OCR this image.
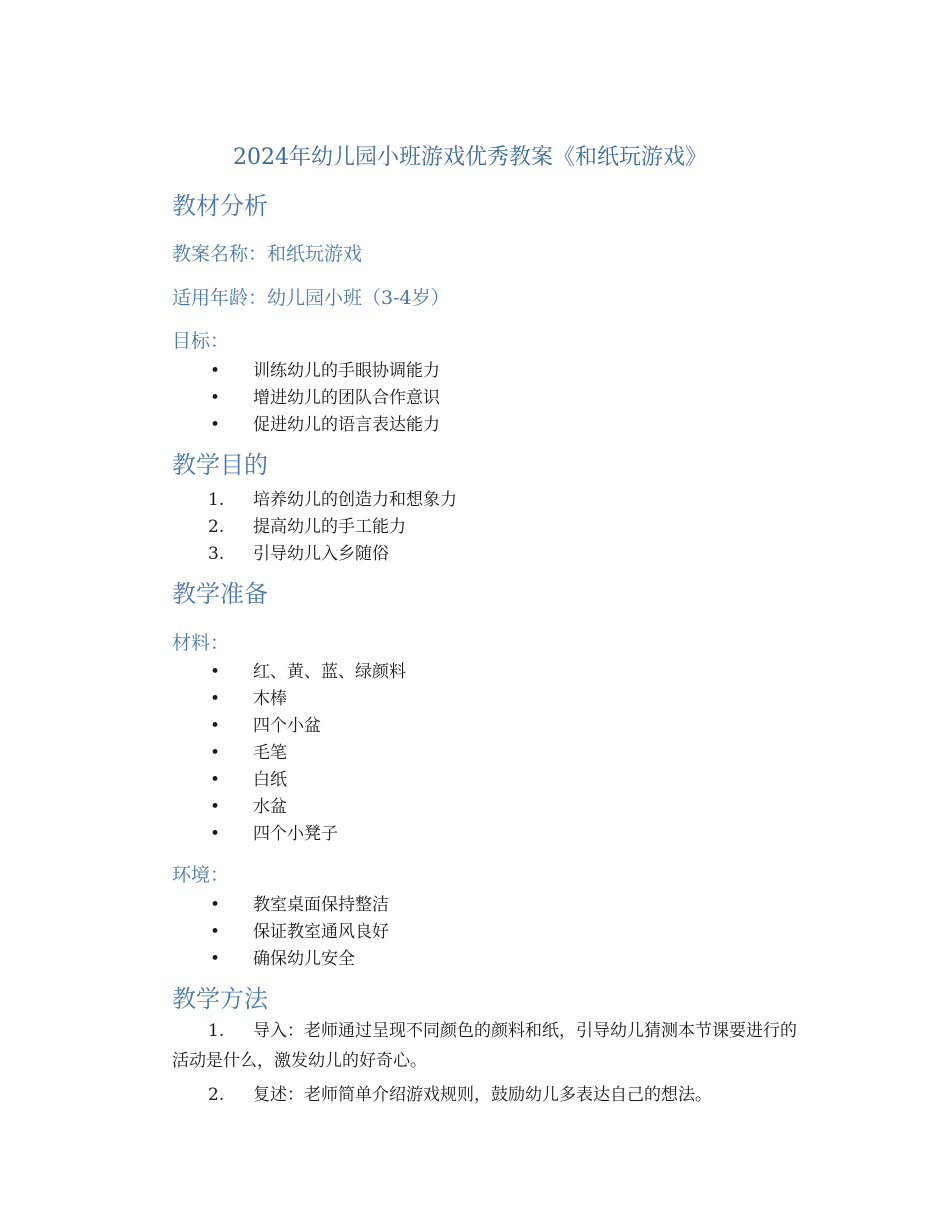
2024年幼儿园小班游戏优秀教案《和纸玩游戏》
教材分析
教案名称：和纸玩游戏
适用年龄：幼儿园小班（3-4岁）
目标：
• 训练幼儿的手眼协调能力
• 增进幼儿的团队合作意识
• 促进幼儿的语言表达能力
教学目的
1. 培养幼儿的创造力和想象力
2. 提高幼儿的手工能力
3. 引导幼儿入乡随俗
教学准备
材料：
• 红、黄、蓝、绿颜料
• 木棒
• 四个小盆
• 毛笔
• 白纸
• 水盆
• 四个小凳子
环境：
• 教室桌面保持整洁
• 保证教室通风良好
• 确保幼儿安全
教学方法
1. 导入：老师通过呈现不同颜色的颜料和纸，引导幼儿猜测本节课要进行的活动是什么，激发幼儿的好奇心。
2. 复述：老师简单介绍游戏规则，鼓励幼儿多表达自己的想法。
